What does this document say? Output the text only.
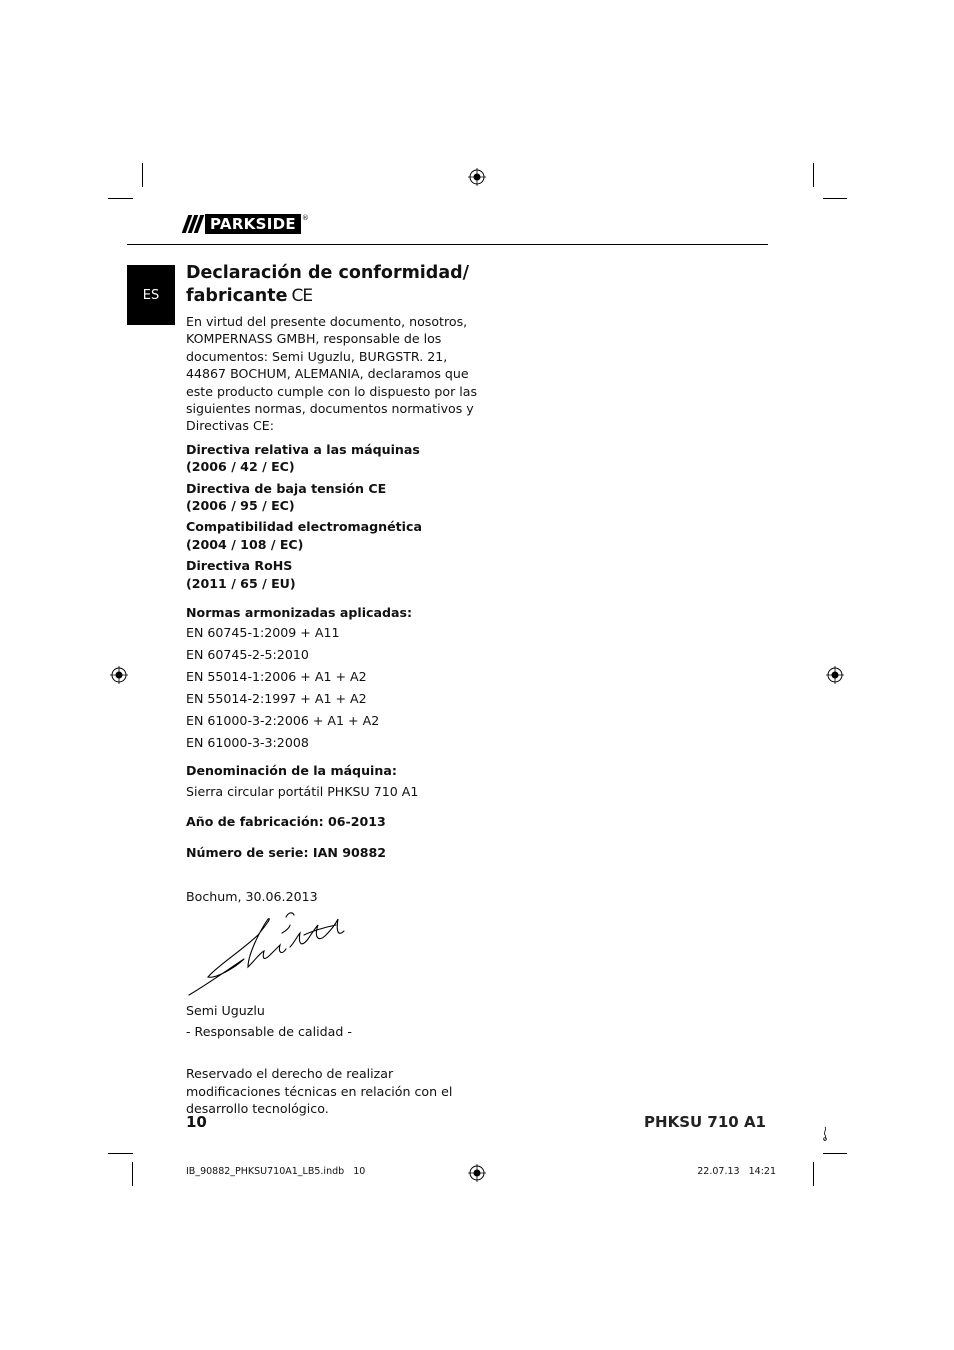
PARKSIDE ®
ES
Declaración de conformidad/
fabricante CE

En virtud del presente documento, nosotros, KOMPERNASS GMBH, responsable de los documentos: Semi Uguzlu, BURGSTR. 21, 44867 BOCHUM, ALEMANIA, declaramos que este producto cumple con lo dispuesto por las siguientes normas, documentos normativos y Directivas CE:

Directiva relativa a las máquinas
(2006 / 42 / EC)

Directiva de baja tensión CE
(2006 / 95 / EC)

Compatibilidad electromagnética
(2004 / 108 / EC)

Directiva RoHS
(2011 / 65 / EU)

Normas armonizadas aplicadas:

EN 60745-1:2009 + A11
EN 60745-2-5:2010
EN 55014-1:2006 + A1 + A2
EN 55014-2:1997 + A1 + A2
EN 61000-3-2:2006 + A1 + A2
EN 61000-3-3:2008

Denominación de la máquina:

Sierra circular portátil PHKSU 710 A1

Año de fabricación: 06-2013

Número de serie: IAN 90882

Bochum, 30.06.2013

Semi Uguzlu

- Responsable de calidad -

Reservado el derecho de realizar modificaciones técnicas en relación con el desarrollo tecnológico.

10	PHKSU 710 A1
IB_90882_PHKSU710A1_LB5.indb   10	22.07.13   14:21
